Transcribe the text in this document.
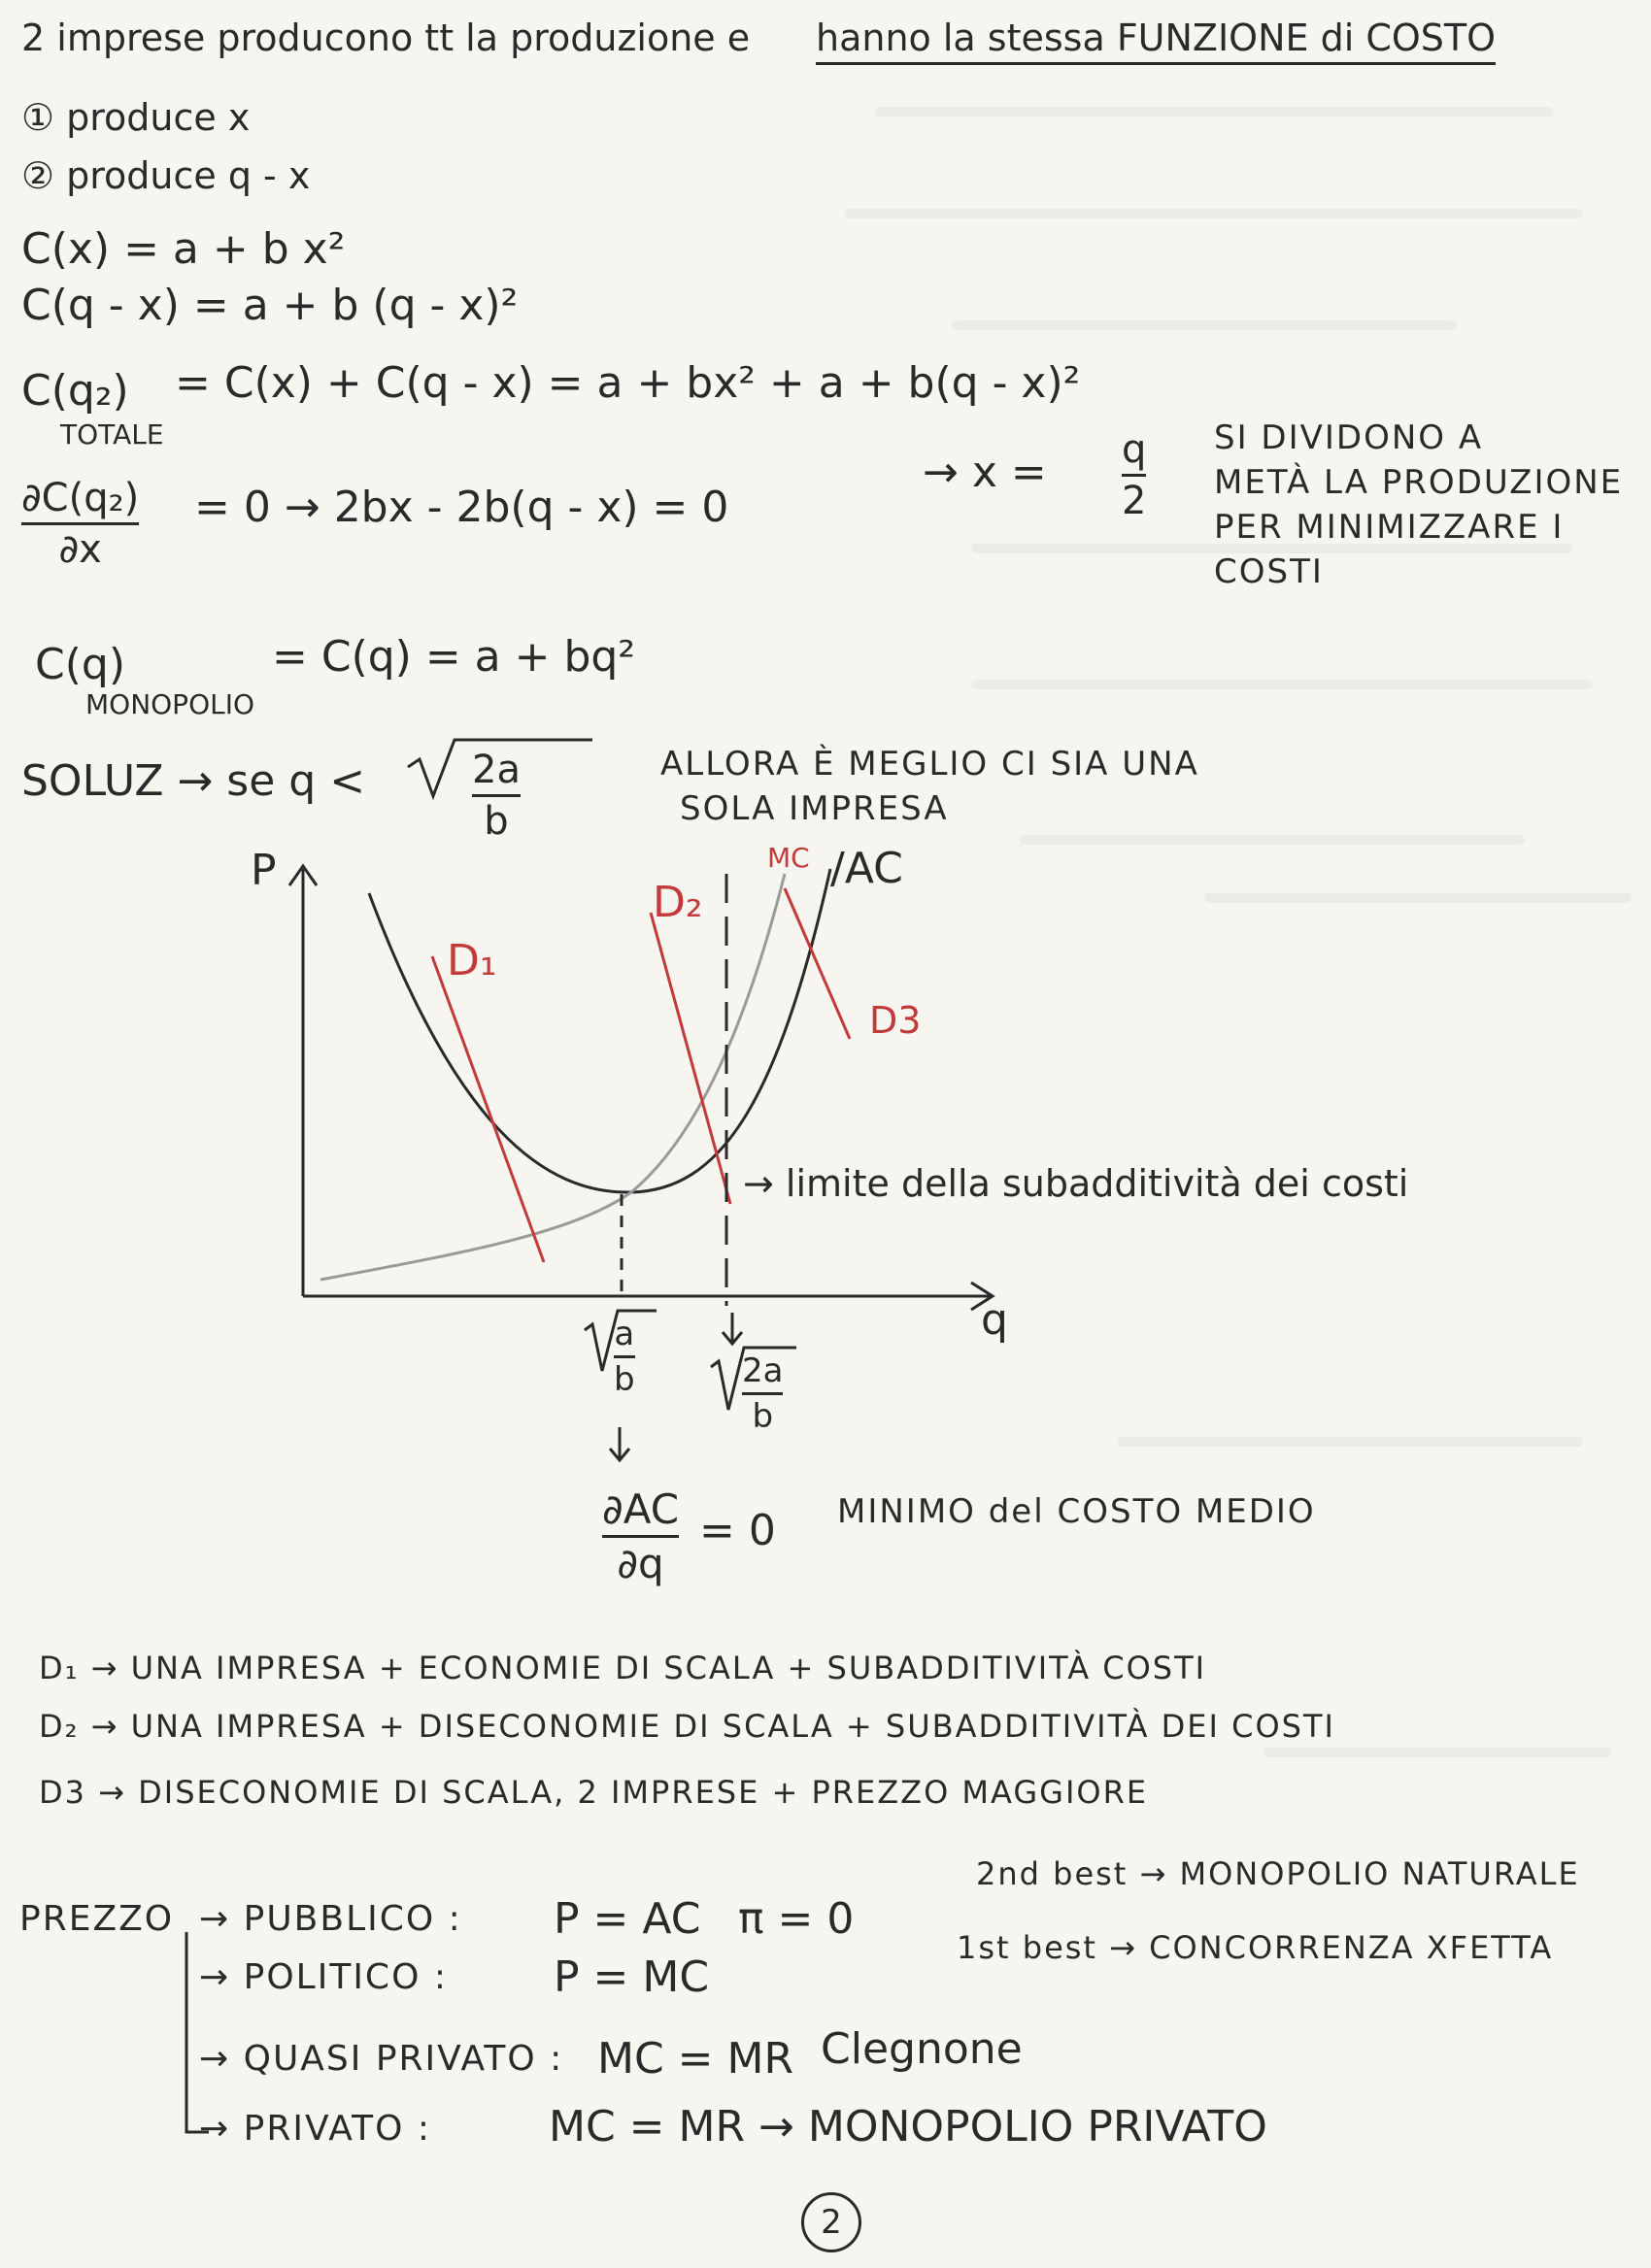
2 imprese producono tt la produzione e hanno la stessa FUNZIONE di COSTO
① produce x
② produce q - x
C(x) = a + b x²
C(q - x) = a + b (q - x)²
C(q₂)
TOTALE
= C(x) + C(q - x) = a + bx² + a + b(q - x)²
∂C(q₂)
∂x
= 0 → 2bx - 2b(q - x) = 0
→ x = q
2
SI DIVIDONO A
METÀ LA PRODUZIONE
PER MINIMIZZARE I
COSTI
C(q)
MONOPOLIO
= C(q) = a + bq²
SOLUZ → se q <	2a
b
ALLORA È MEGLIO CI SIA UNA
SOLA IMPRESA
P
q
D₁
D₂
D3
MC /AC
→ limite della subadditività dei costi
a
b	2a
b
∂AC
∂q
= 0 MINIMO del COSTO MEDIO
D₁ → UNA IMPRESA + ECONOMIE DI SCALA + SUBADDITIVITÀ COSTI
D₂ → UNA IMPRESA + DISECONOMIE DI SCALA + SUBADDITIVITÀ DEI COSTI
D3 → DISECONOMIE DI SCALA, 2 IMPRESE + PREZZO MAGGIORE
PREZZO → PUBBLICO : P = AC π = 0
→ POLITICO : P = MC
→ QUASI PRIVATO : MC = MR Clegnone
→ PRIVATO :	MC = MR → MONOPOLIO PRIVATO
2nd best → MONOPOLIO NATURALE
1st best → CONCORRENZA XFETTA
2
